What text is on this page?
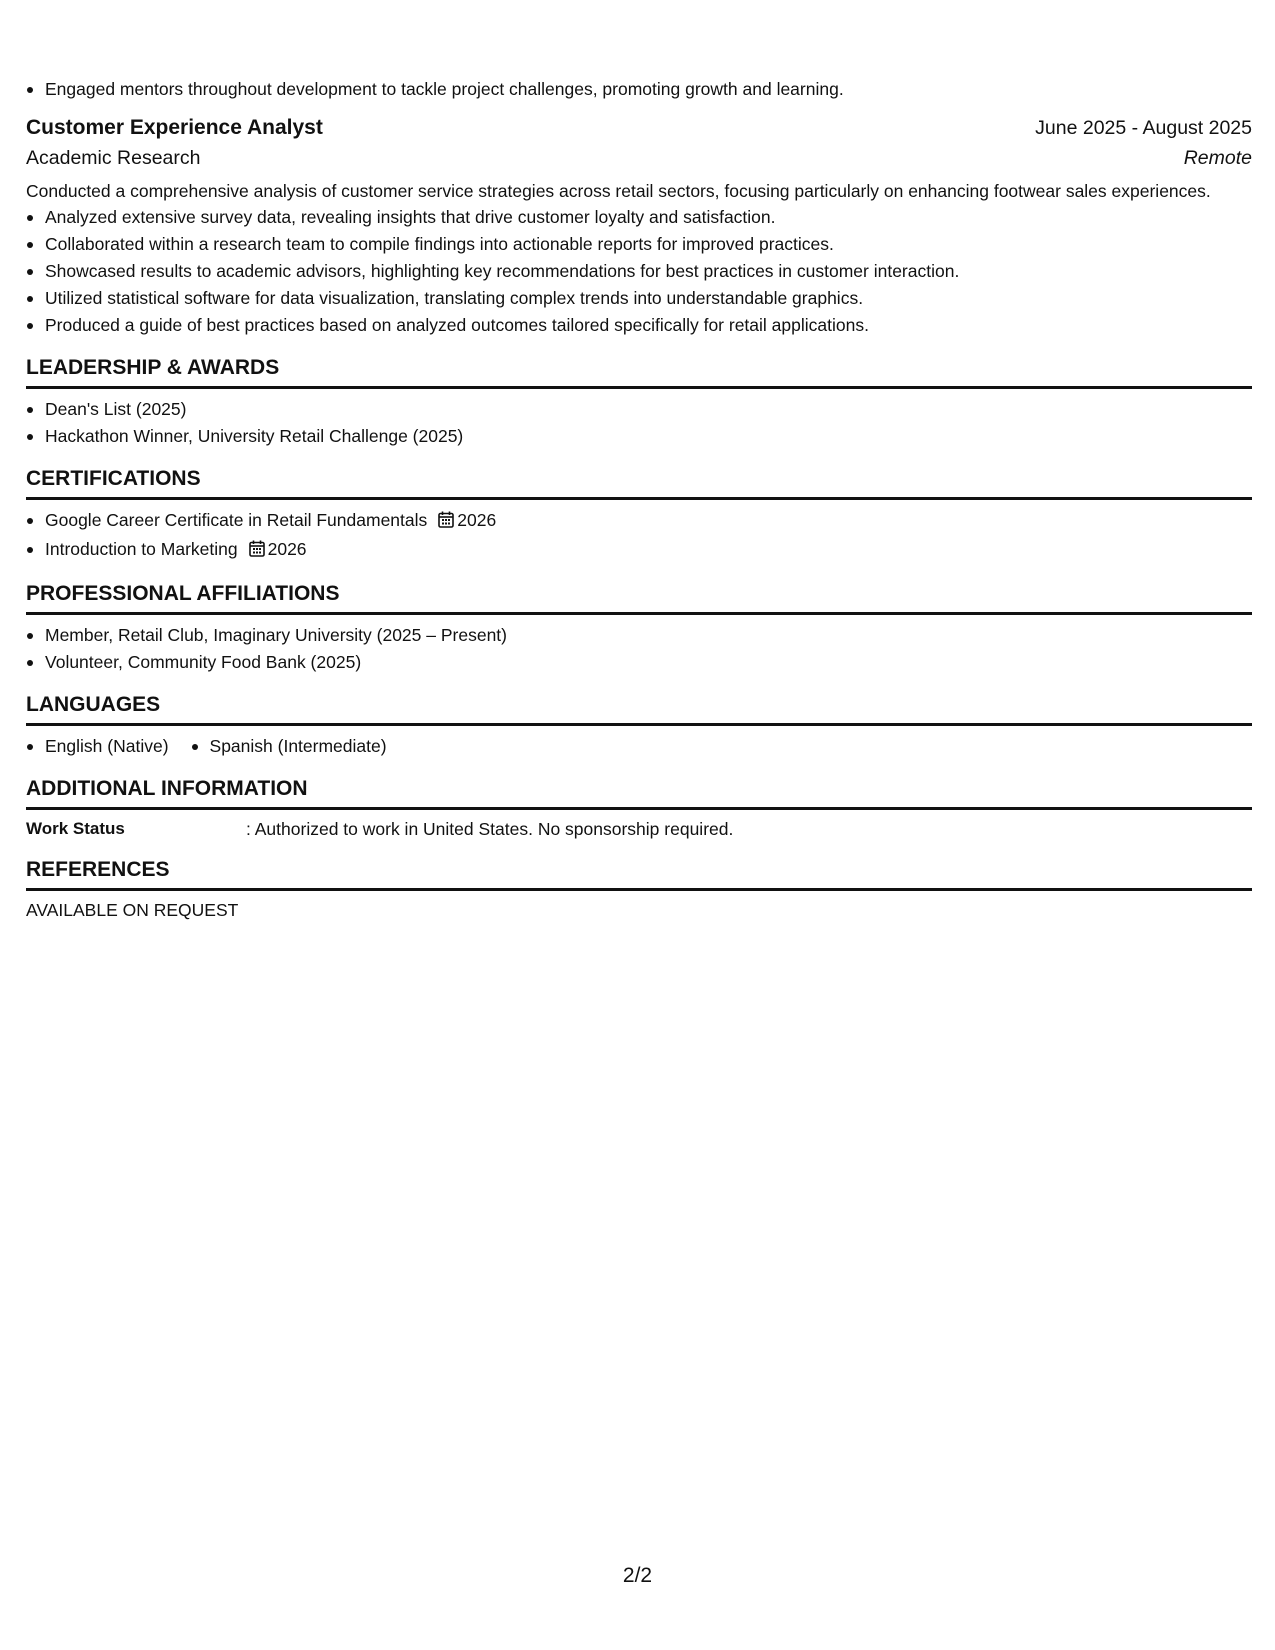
Engaged mentors throughout development to tackle project challenges, promoting growth and learning.
Customer Experience Analyst	June 2025 - August 2025
Academic Research	Remote
Conducted a comprehensive analysis of customer service strategies across retail sectors, focusing particularly on enhancing footwear sales experiences.
Analyzed extensive survey data, revealing insights that drive customer loyalty and satisfaction.
Collaborated within a research team to compile findings into actionable reports for improved practices.
Showcased results to academic advisors, highlighting key recommendations for best practices in customer interaction.
Utilized statistical software for data visualization, translating complex trends into understandable graphics.
Produced a guide of best practices based on analyzed outcomes tailored specifically for retail applications.
LEADERSHIP & AWARDS
Dean's List (2025)
Hackathon Winner, University Retail Challenge (2025)
CERTIFICATIONS
Google Career Certificate in Retail Fundamentals 2026
Introduction to Marketing 2026
PROFESSIONAL AFFILIATIONS
Member, Retail Club, Imaginary University (2025 – Present)
Volunteer, Community Food Bank (2025)
LANGUAGES
English (Native) Spanish (Intermediate)
ADDITIONAL INFORMATION
Work Status	: Authorized to work in United States. No sponsorship required.
REFERENCES
AVAILABLE ON REQUEST
2/2
